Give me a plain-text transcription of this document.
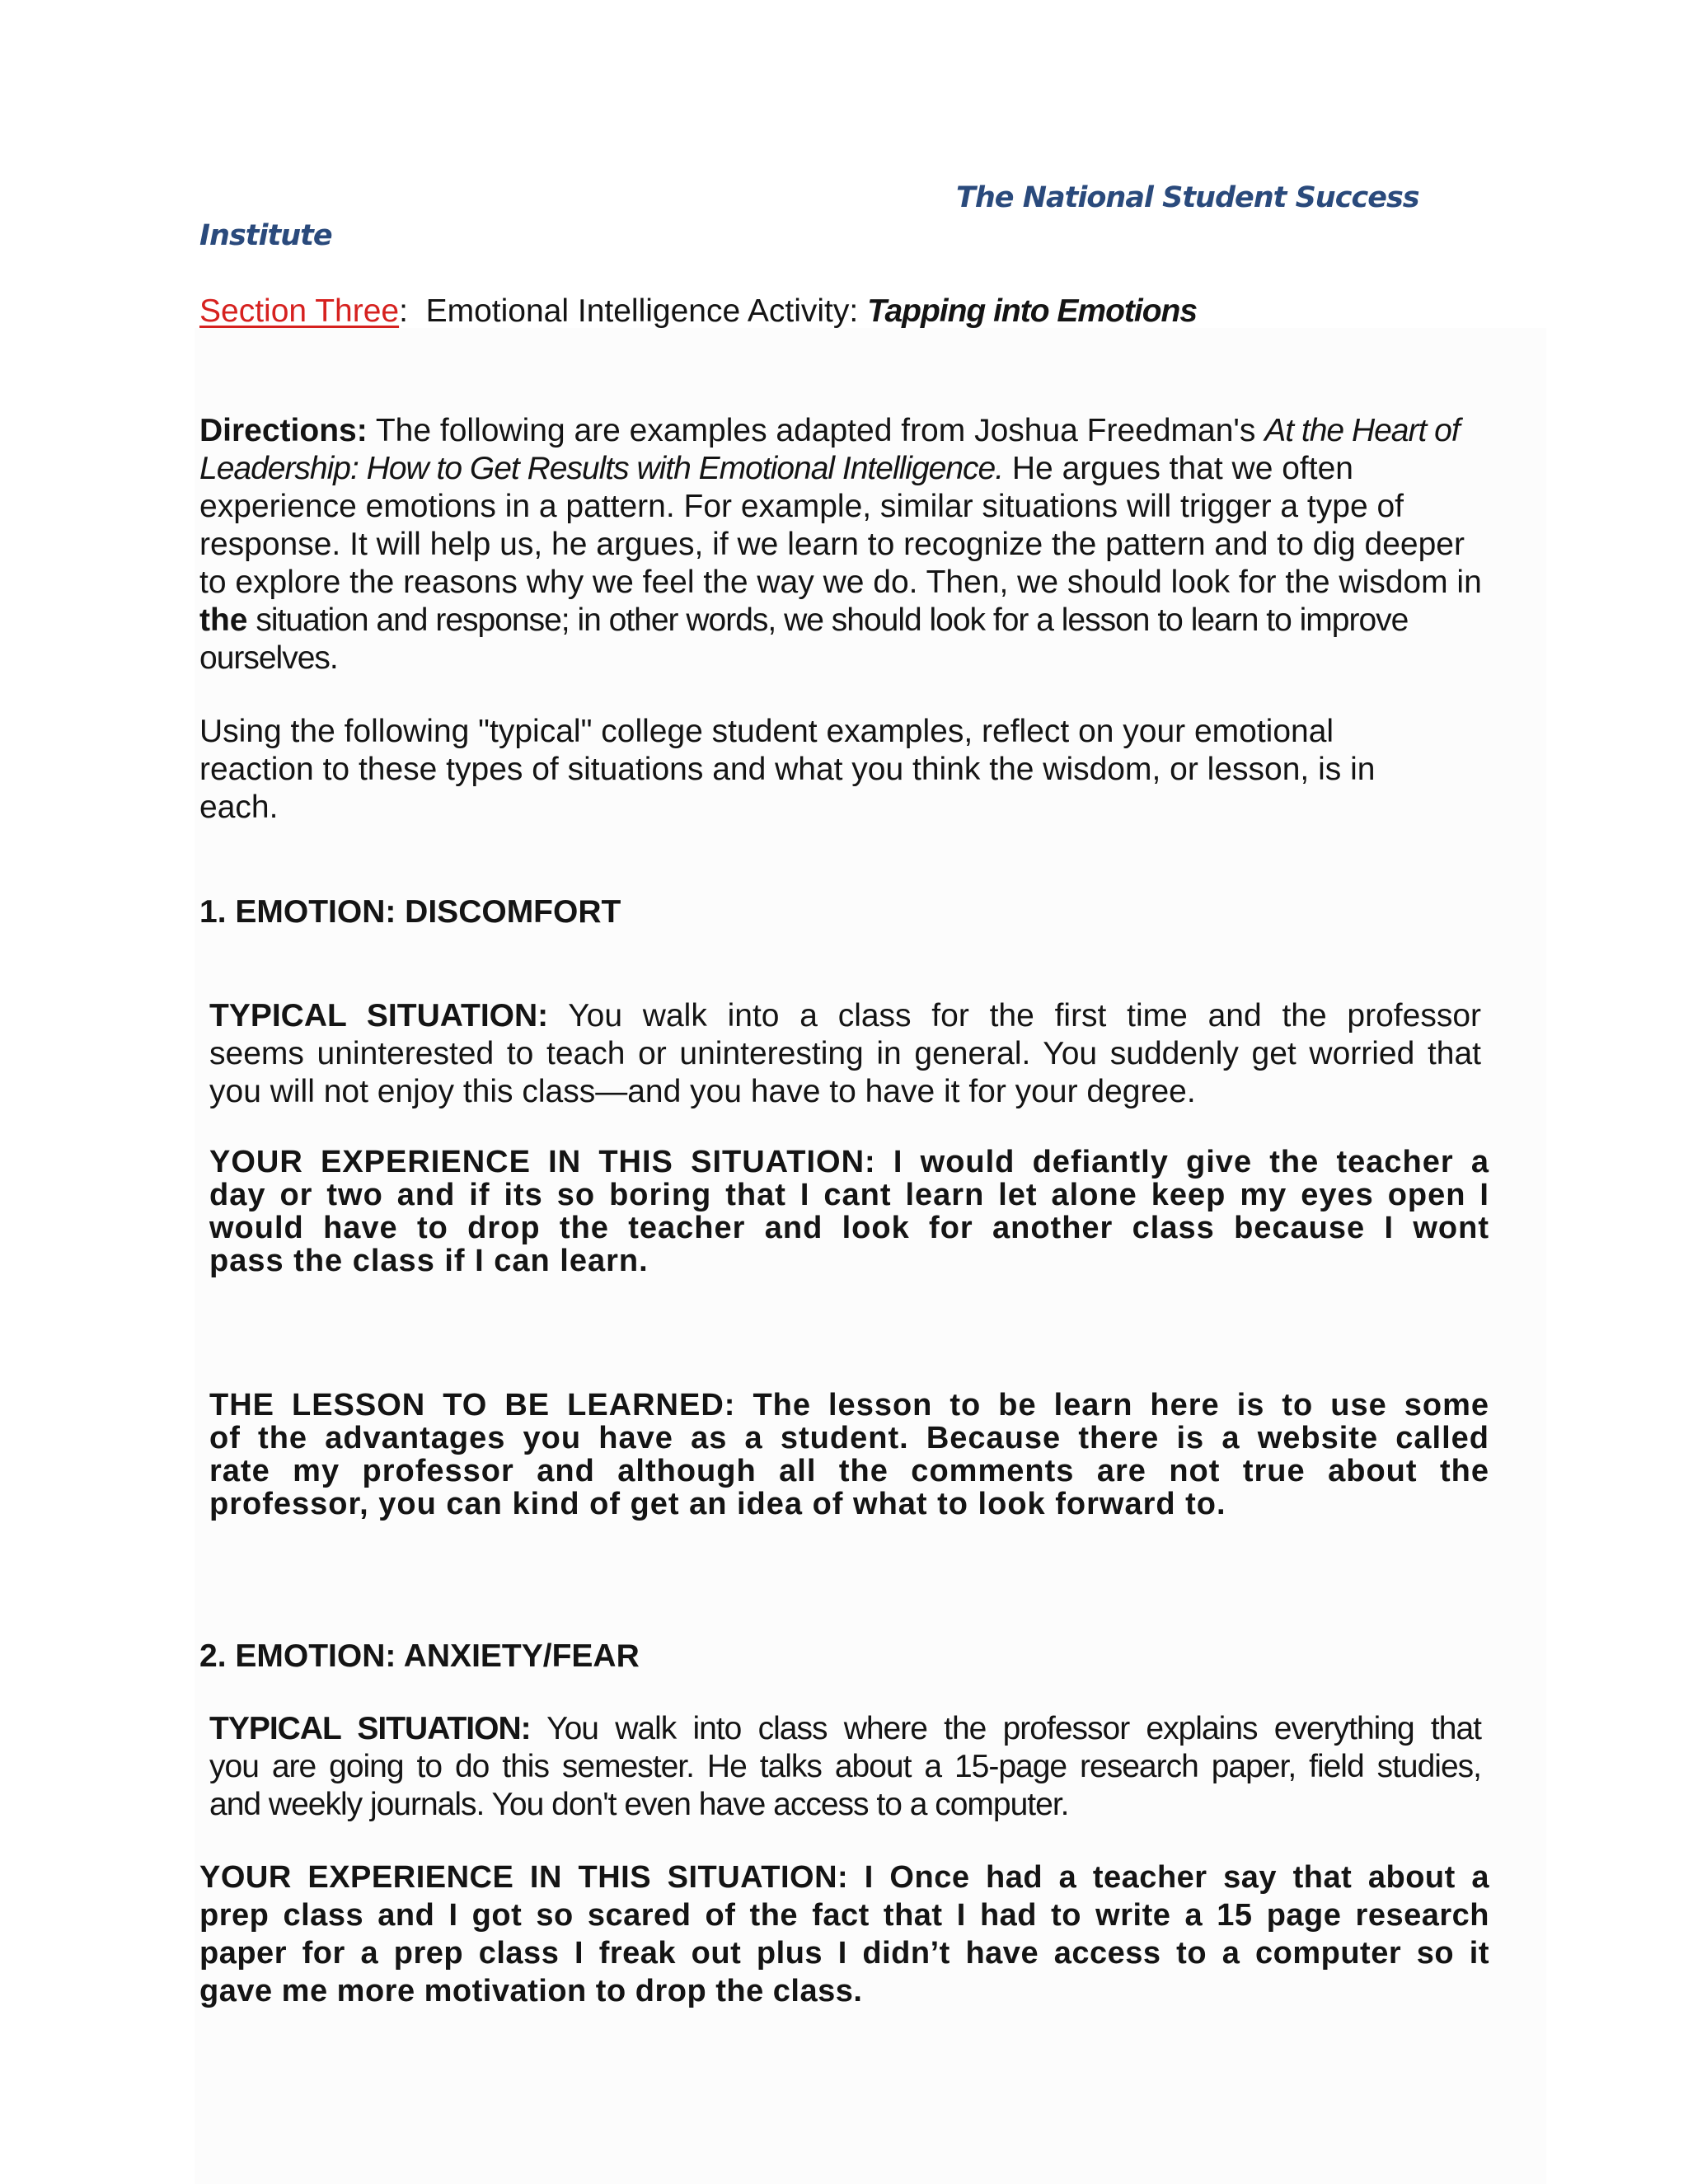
The National Student Success
Institute
Section Three: Emotional Intelligence Activity: Tapping into Emotions
Directions: The following are examples adapted from Joshua Freedman's At the Heart of Leadership: How to Get Results with Emotional Intelligence. He argues that we often experience emotions in a pattern. For example, similar situations will trigger a type of response. It will help us, he argues, if we learn to recognize the pattern and to dig deeper to explore the reasons why we feel the way we do. Then, we should look for the wisdom in the situation and response; in other words, we should look for a lesson to learn to improve ourselves.
Using the following "typical" college student examples, reflect on your emotional reaction to these types of situations and what you think the wisdom, or lesson, is in each.
1. EMOTION: DISCOMFORT
TYPICAL SITUATION: You walk into a class for the first time and the professor
seems uninterested to teach or uninteresting in general. You suddenly get worried that
you will not enjoy this class—and you have to have it for your degree.
YOUR EXPERIENCE IN THIS SITUATION: I would defiantly give the teacher a
day or two and if its so boring that I cant learn let alone keep my eyes open I
would have to drop the teacher and look for another class because I wont
pass the class if I can learn.
THE LESSON TO BE LEARNED: The lesson to be learn here is to use some
of the advantages you have as a student. Because there is a website called
rate my professor and although all the comments are not true about the
professor, you can kind of get an idea of what to look forward to.
2. EMOTION: ANXIETY/FEAR
TYPICAL SITUATION: You walk into class where the professor explains everything that
you are going to do this semester. He talks about a 15-page research paper, field studies,
and weekly journals. You don't even have access to a computer.
YOUR EXPERIENCE IN THIS SITUATION: I Once had a teacher say that about a
prep class and I got so scared of the fact that I had to write a 15 page research
paper for a prep class I freak out plus I didn’t have access to a computer so it
gave me more motivation to drop the class.
